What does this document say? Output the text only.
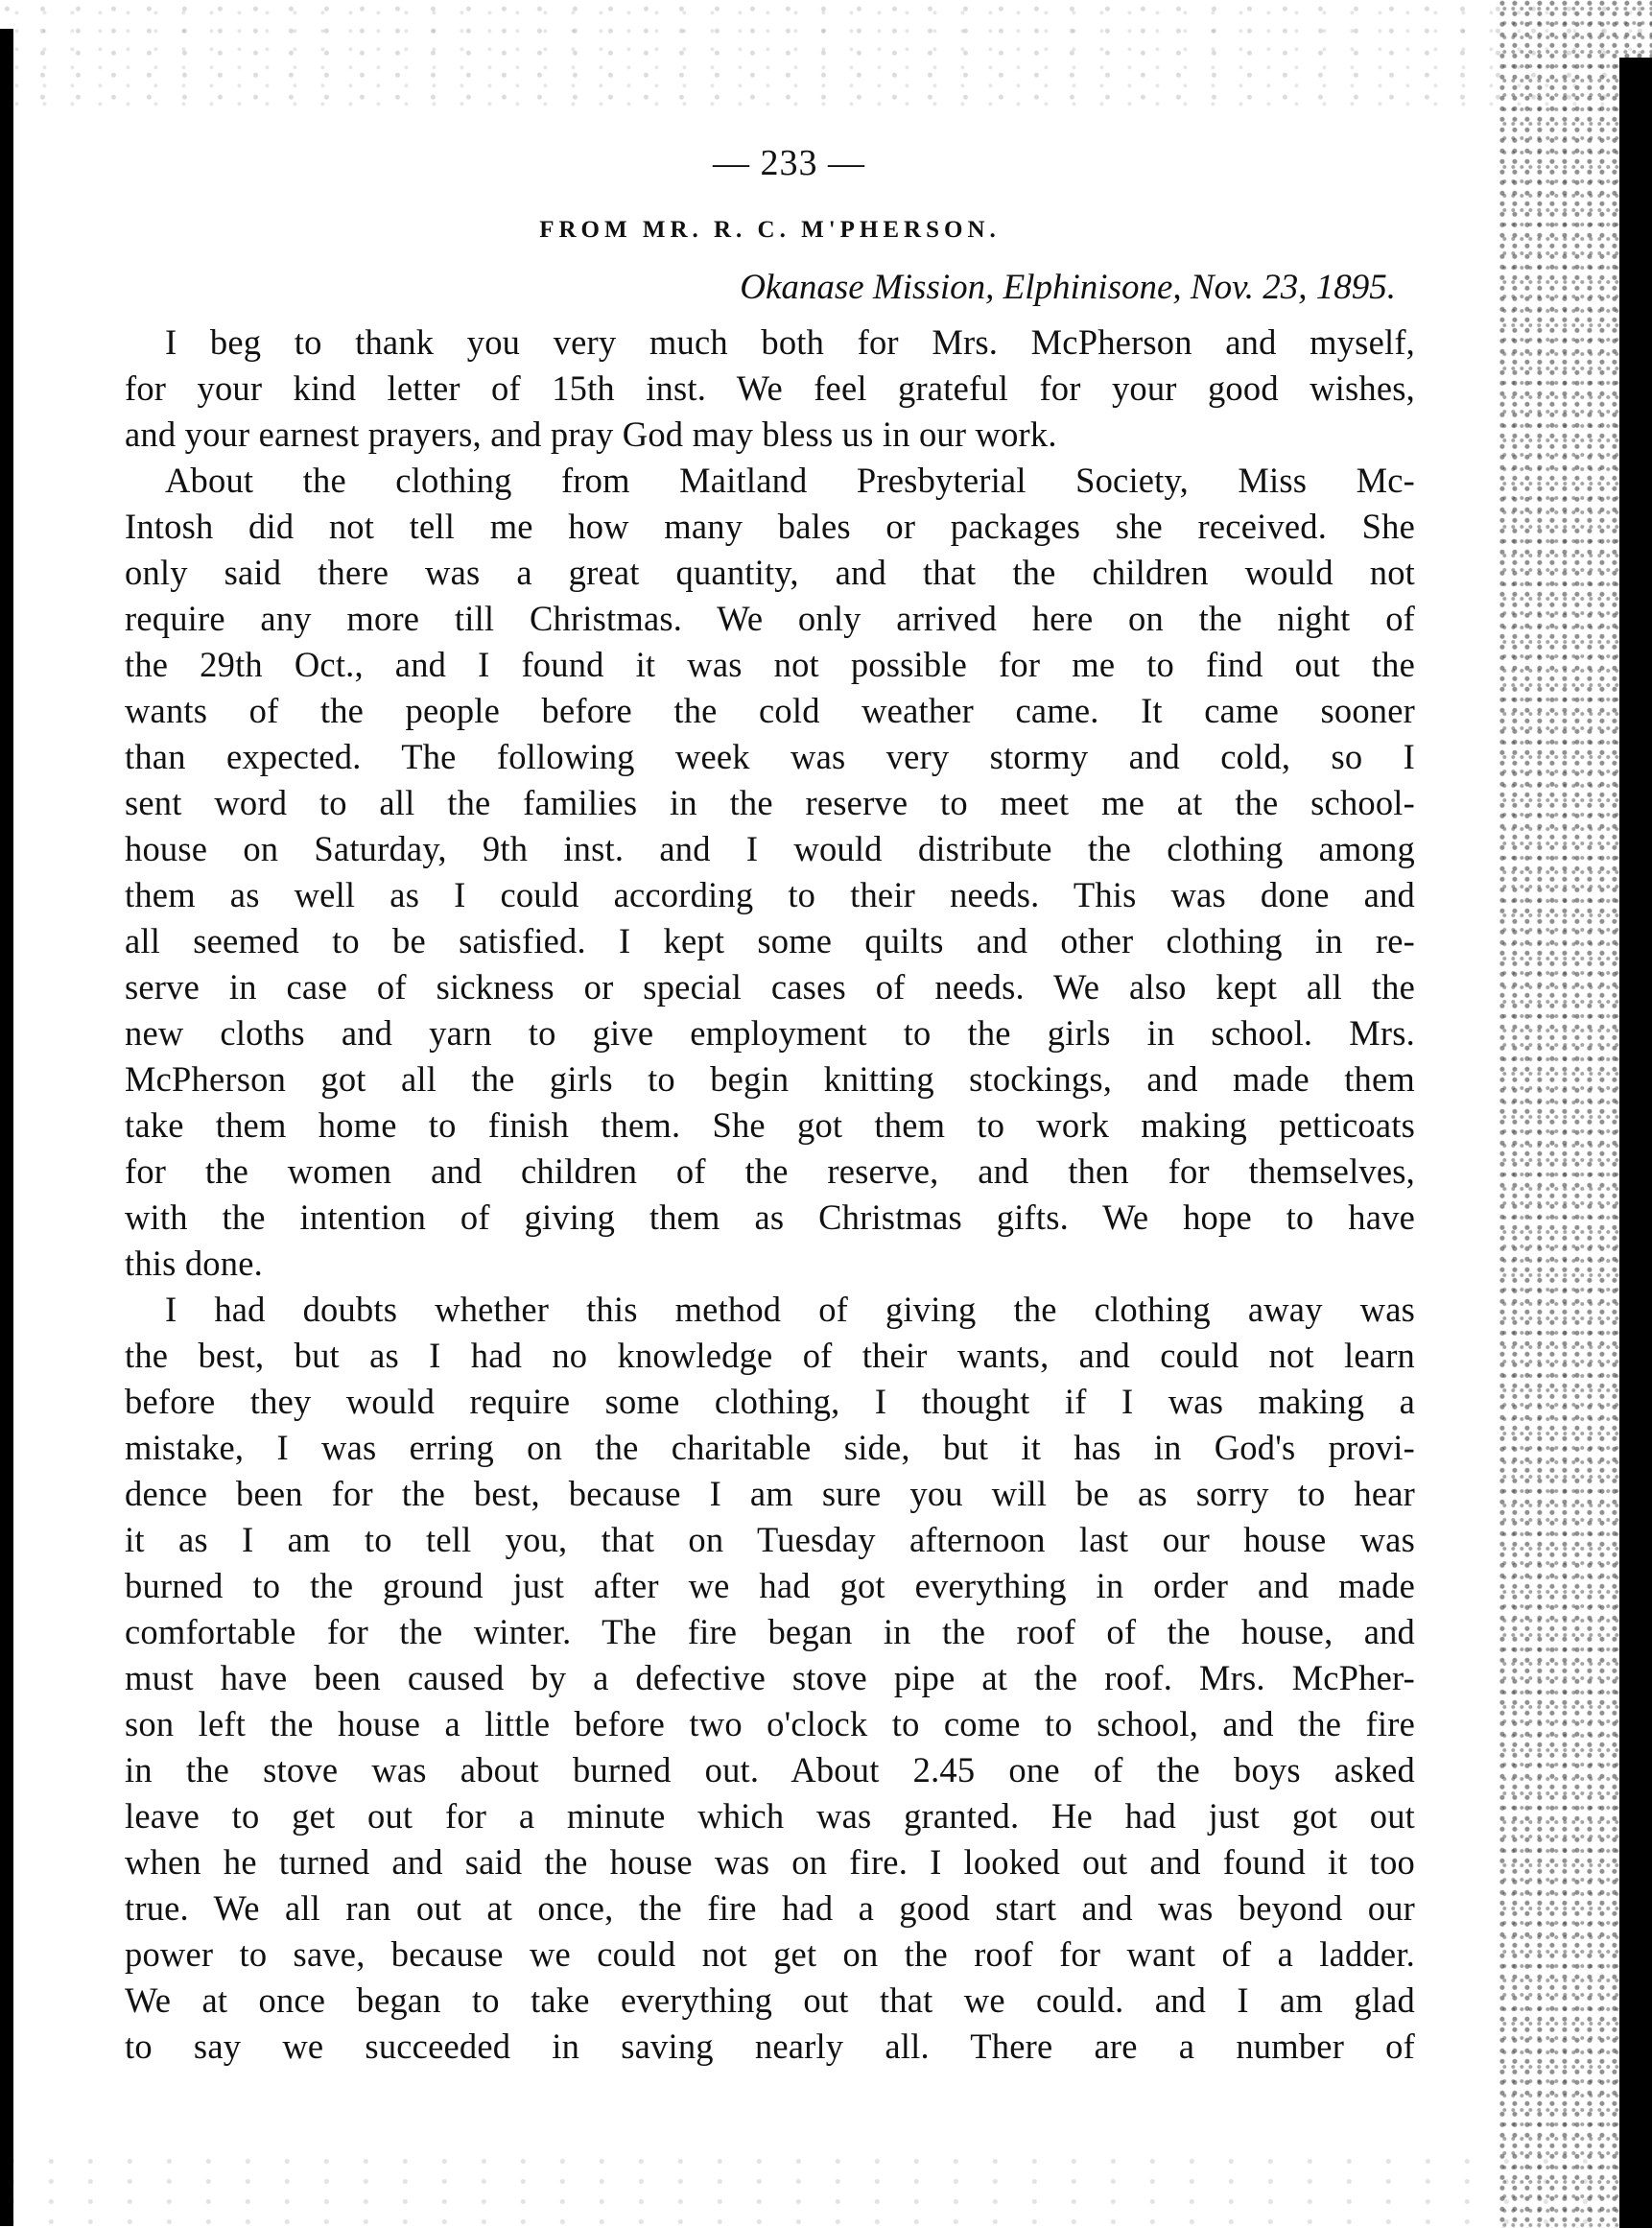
— 233 —
FROM MR. R. C. M'PHERSON.
Okanase Mission, Elphinisone, Nov. 23, 1895.
I beg to thank you very much both for Mrs. McPherson and myself,
for your kind letter of 15th inst. We feel grateful for your good wishes,
and your earnest prayers, and pray God may bless us in our work.
About the clothing from Maitland Presbyterial Society, Miss Mc-
Intosh did not tell me how many bales or packages she received. She
only said there was a great quantity, and that the children would not
require any more till Christmas. We only arrived here on the night of
the 29th Oct., and I found it was not possible for me to find out the
wants of the people before the cold weather came. It came sooner
than expected. The following week was very stormy and cold, so I
sent word to all the families in the reserve to meet me at the school-
house on Saturday, 9th inst. and I would distribute the clothing among
them as well as I could according to their needs. This was done and
all seemed to be satisfied. I kept some quilts and other clothing in re-
serve in case of sickness or special cases of needs. We also kept all the
new cloths and yarn to give employment to the girls in school. Mrs.
McPherson got all the girls to begin knitting stockings, and made them
take them home to finish them. She got them to work making petticoats
for the women and children of the reserve, and then for themselves,
with the intention of giving them as Christmas gifts. We hope to have
this done.
I had doubts whether this method of giving the clothing away was
the best, but as I had no knowledge of their wants, and could not learn
before they would require some clothing, I thought if I was making a
mistake, I was erring on the charitable side, but it has in God's provi-
dence been for the best, because I am sure you will be as sorry to hear
it as I am to tell you, that on Tuesday afternoon last our house was
burned to the ground just after we had got everything in order and made
comfortable for the winter. The fire began in the roof of the house, and
must have been caused by a defective stove pipe at the roof. Mrs. McPher-
son left the house a little before two o'clock to come to school, and the fire
in the stove was about burned out. About 2.45 one of the boys asked
leave to get out for a minute which was granted. He had just got out
when he turned and said the house was on fire. I looked out and found it too
true. We all ran out at once, the fire had a good start and was beyond our
power to save, because we could not get on the roof for want of a ladder.
We at once began to take everything out that we could. and I am glad
to say we succeeded in saving nearly all. There are a number of
